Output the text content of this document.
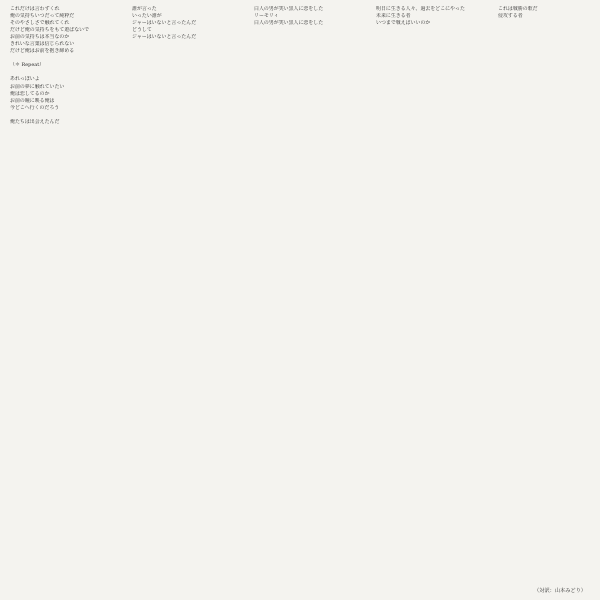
これだけは言わずくれ
俺の気持ちいつだって純粋だ
そのやさしさで触れてくれ
だけど俺の気持ちをもて遊ばないで
お前の気持ちは本当なのか
きれいな言葉は信じられない
だけど俺はお前を抱き締める
（＊ Repeat）
あれっぽいよ
お前の夢に触れていたい
俺は恋してるのか
お前の瞳に映る俺は
今どこへ行くのだろう
俺たちは出会えたんだ
誰が言った
いったい誰が
ジャーはいないと言ったんだ
どうして
ジャーはいないと言ったんだ
白人の男が笑い黒人に恋をした
リーモリィ
白人の男が笑い黒人に恋をした
明日に生きる人々、過去をどこにやった
未来に生きる者
いつまで戦えばいいのか
これは戦勝の歌だ
侵攻する者
（対訳：山本みどり）
